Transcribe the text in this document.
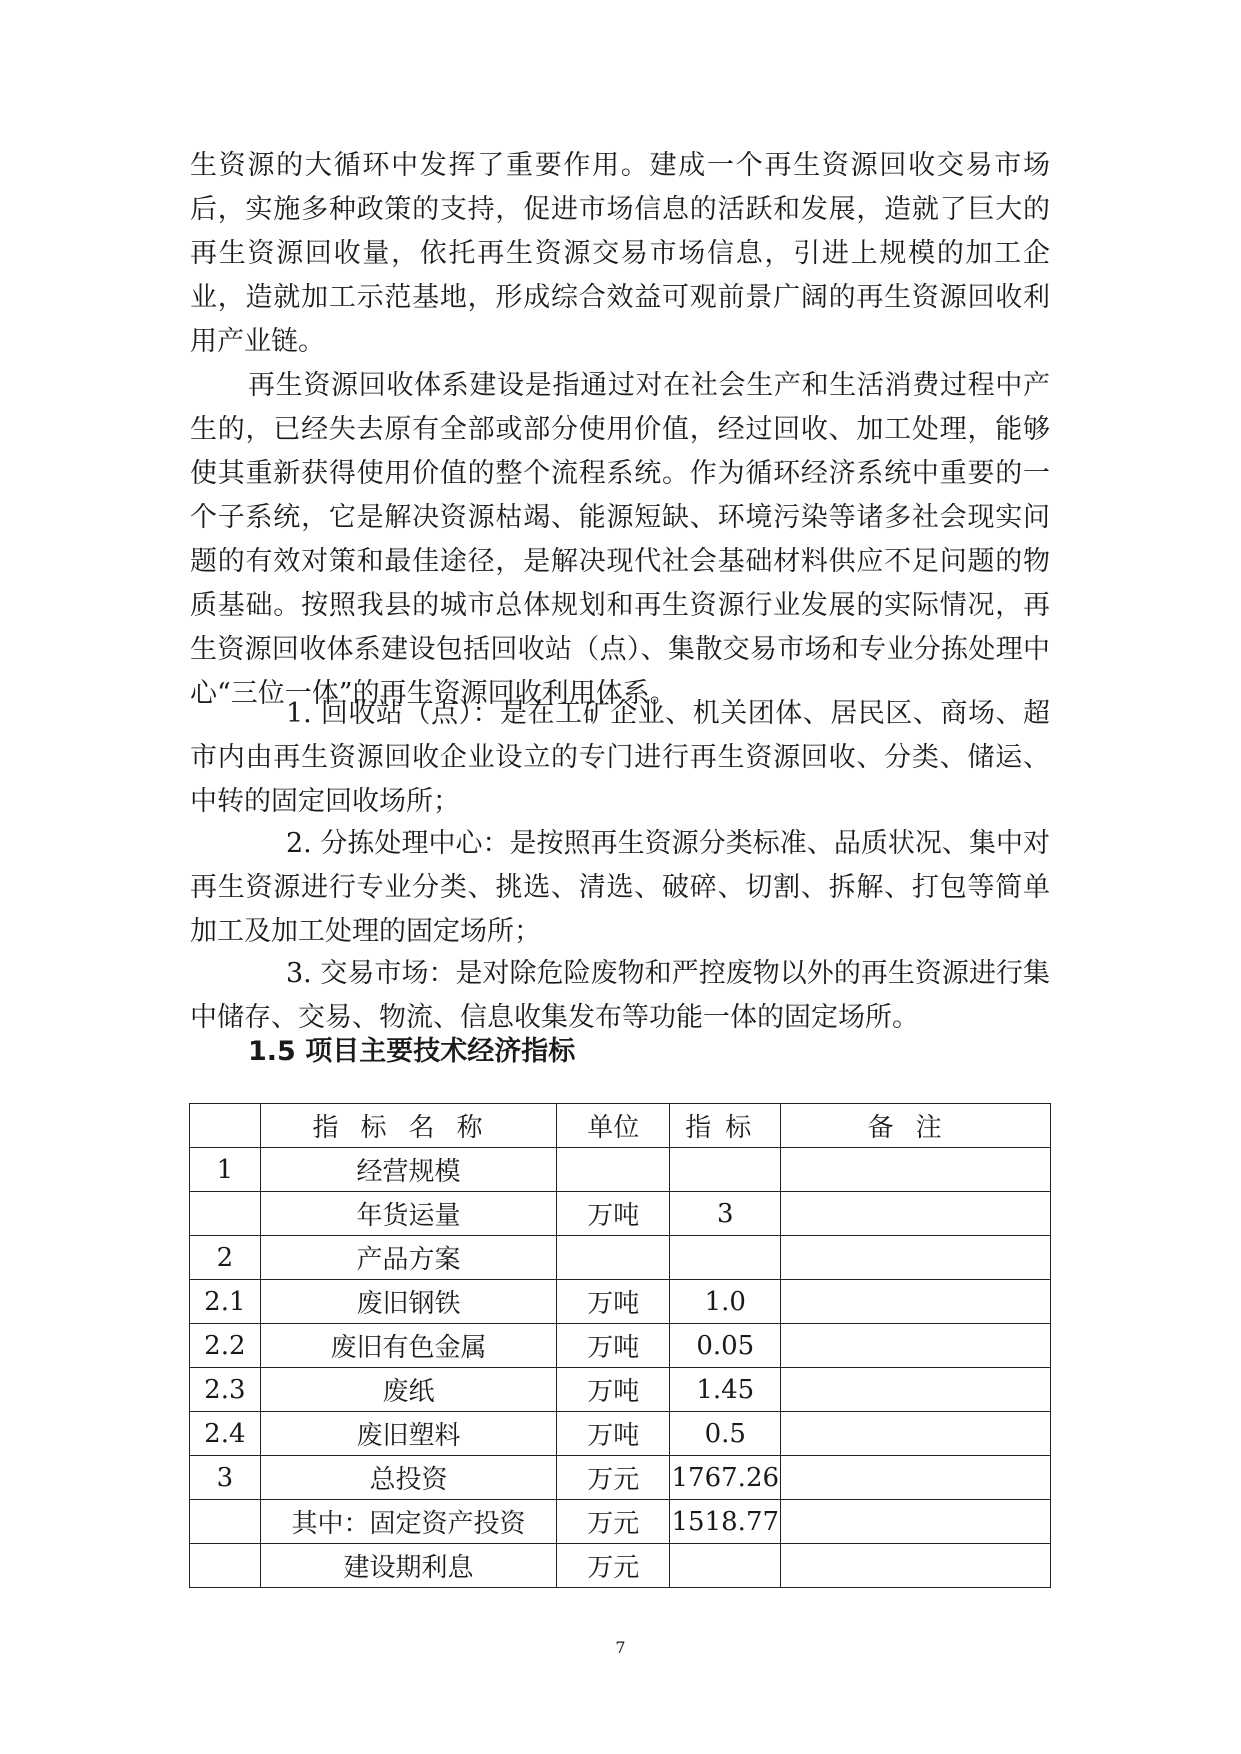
生资源的大循环中发挥了重要作用。建成一个再生资源回收交易市场后，实施多种政策的支持，促进市场信息的活跃和发展，造就了巨大的再生资源回收量，依托再生资源交易市场信息，引进上规模的加工企业，造就加工示范基地，形成综合效益可观前景广阔的再生资源回收利用产业链。

再生资源回收体系建设是指通过对在社会生产和生活消费过程中产生的，已经失去原有全部或部分使用价值，经过回收、加工处理，能够使其重新获得使用价值的整个流程系统。作为循环经济系统中重要的一个子系统，它是解决资源枯竭、能源短缺、环境污染等诸多社会现实问题的有效对策和最佳途径，是解决现代社会基础材料供应不足问题的物质基础。按照我县的城市总体规划和再生资源行业发展的实际情况，再生资源回收体系建设包括回收站（点）、集散交易市场和专业分拣处理中心“三位一体”的再生资源回收利用体系。

1. 回收站（点）：是在工矿企业、机关团体、居民区、商场、超市内由再生资源回收企业设立的专门进行再生资源回收、分类、储运、中转的固定回收场所；

2. 分拣处理中心：是按照再生资源分类标准、品质状况、集中对再生资源进行专业分类、挑选、清选、破碎、切割、拆解、打包等简单加工及加工处理的固定场所；

3. 交易市场：是对除危险废物和严控废物以外的再生资源进行集中储存、交易、物流、信息收集发布等功能一体的固定场所。

1.5 项目主要技术经济指标
	指标名称	单位	指标	备注
1	经营规模			
	年货运量	万吨	3	
2	产品方案			
2.1	废旧钢铁	万吨	1.0	
2.2	废旧有色金属	万吨	0.05	
2.3	废纸	万吨	1.45	
2.4	废旧塑料	万吨	0.5	
3	总投资	万元	1767.26	
	其中：固定资产投资	万元	1518.77	
	建设期利息	万元		
7
